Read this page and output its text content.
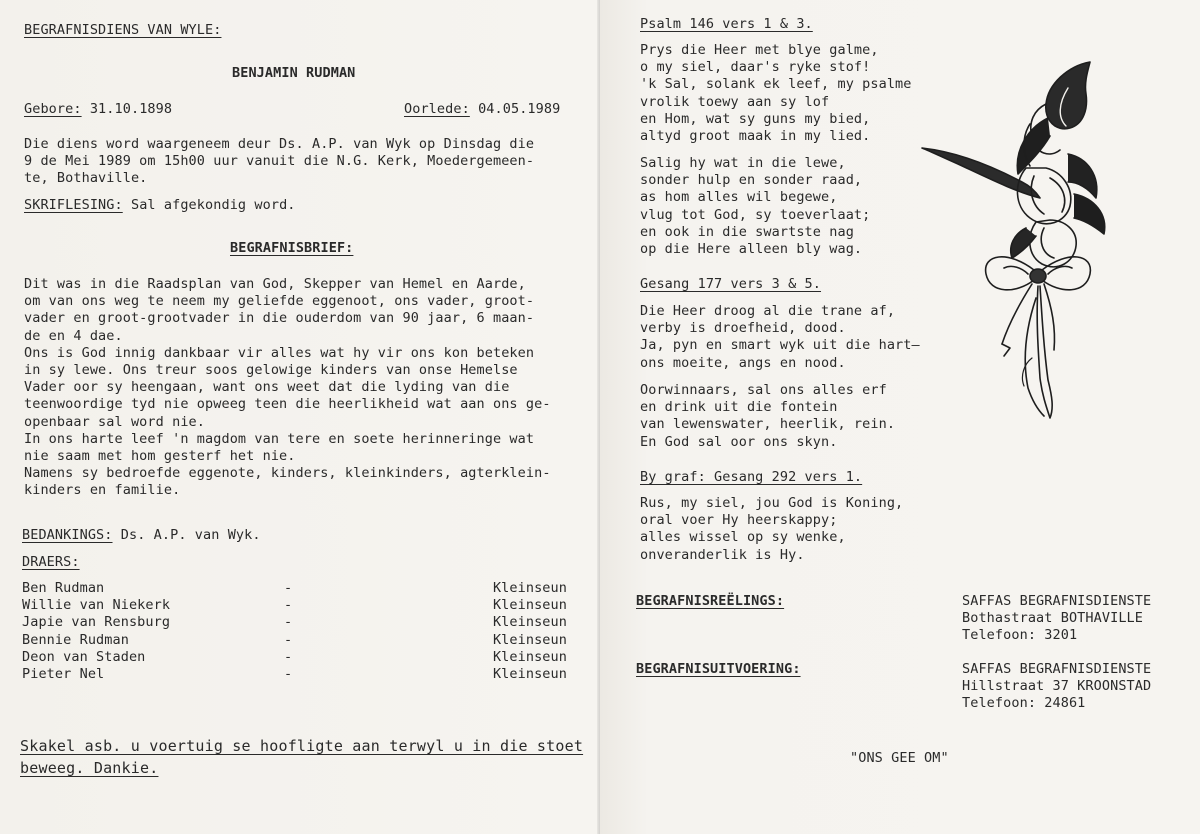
BEGRAFNISDIENS VAN WYLE:
BENJAMIN RUDMAN
Gebore: 31.10.1898	Oorlede: 04.05.1989
Die diens word waargeneem deur Ds. A.P. van Wyk op Dinsdag die
9 de Mei 1989 om 15h00 uur vanuit die N.G. Kerk, Moedergemeen-
te, Bothaville.
SKRIFLESING: Sal afgekondig word.
BEGRAFNISBRIEF:
Dit was in die Raadsplan van God, Skepper van Hemel en Aarde,
om van ons weg te neem my geliefde eggenoot, ons vader, groot-
vader en groot-grootvader in die ouderdom van 90 jaar, 6 maan-
de en 4 dae.
Ons is God innig dankbaar vir alles wat hy vir ons kon beteken
in sy lewe. Ons treur soos gelowige kinders van onse Hemelse
Vader oor sy heengaan, want ons weet dat die lyding van die
teenwoordige tyd nie opweeg teen die heerlikheid wat aan ons ge-
openbaar sal word nie.
In ons harte leef 'n magdom van tere en soete herinneringe wat
nie saam met hom gesterf het nie.
Namens sy bedroefde eggenote, kinders, kleinkinders, agterklein-
kinders en familie.
BEDANKINGS: Ds. A.P. van Wyk.
DRAERS:
Ben Rudman	-	Kleinseun
Willie van Niekerk	-	Kleinseun
Japie van Rensburg	-	Kleinseun
Bennie Rudman	-	Kleinseun
Deon van Staden	-	Kleinseun
Pieter Nel	-	Kleinseun
Skakel asb. u voertuig se hoofligte aan terwyl u in die stoet
beweeg. Dankie.
Psalm 146 vers 1 & 3.
Prys die Heer met blye galme,
o my siel, daar's ryke stof!
'k Sal, solank ek leef, my psalme
vrolik toewy aan sy lof
en Hom, wat sy guns my bied,
altyd groot maak in my lied.
Salig hy wat in die lewe,
sonder hulp en sonder raad,
as hom alles wil begewe,
vlug tot God, sy toeverlaat;
en ook in die swartste nag
op die Here alleen bly wag.
Gesang 177 vers 3 & 5.
Die Heer droog al die trane af,
verby is droefheid, dood.
Ja, pyn en smart wyk uit die hart—
ons moeite, angs en nood.
Oorwinnaars, sal ons alles erf
en drink uit die fontein
van lewenswater, heerlik, rein.
En God sal oor ons skyn.
By graf: Gesang 292 vers 1.
Rus, my siel, jou God is Koning,
oral voer Hy heerskappy;
alles wissel op sy wenke,
onveranderlik is Hy.
BEGRAFNISREËLINGS:	SAFFAS BEGRAFNISDIENSTE
Bothastraat BOTHAVILLE
Telefoon: 3201
BEGRAFNISUITVOERING:	SAFFAS BEGRAFNISDIENSTE
Hillstraat 37 KROONSTAD
Telefoon: 24861
"ONS GEE OM"
